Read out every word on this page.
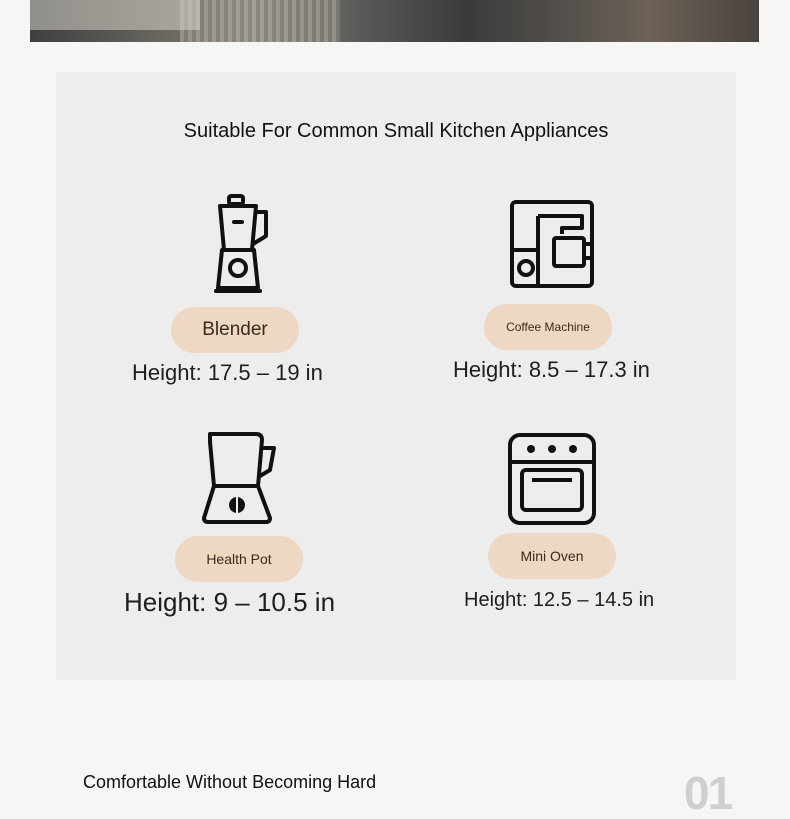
Suitable For Common Small Kitchen Appliances
Blender
Height: 17.5 – 19 in
Coffee Machine
Height: 8.5 – 17.3 in
Health Pot
Height: 9 – 10.5 in
Mini Oven
Height: 12.5 – 14.5 in
Comfortable Without Becoming Hard	01
